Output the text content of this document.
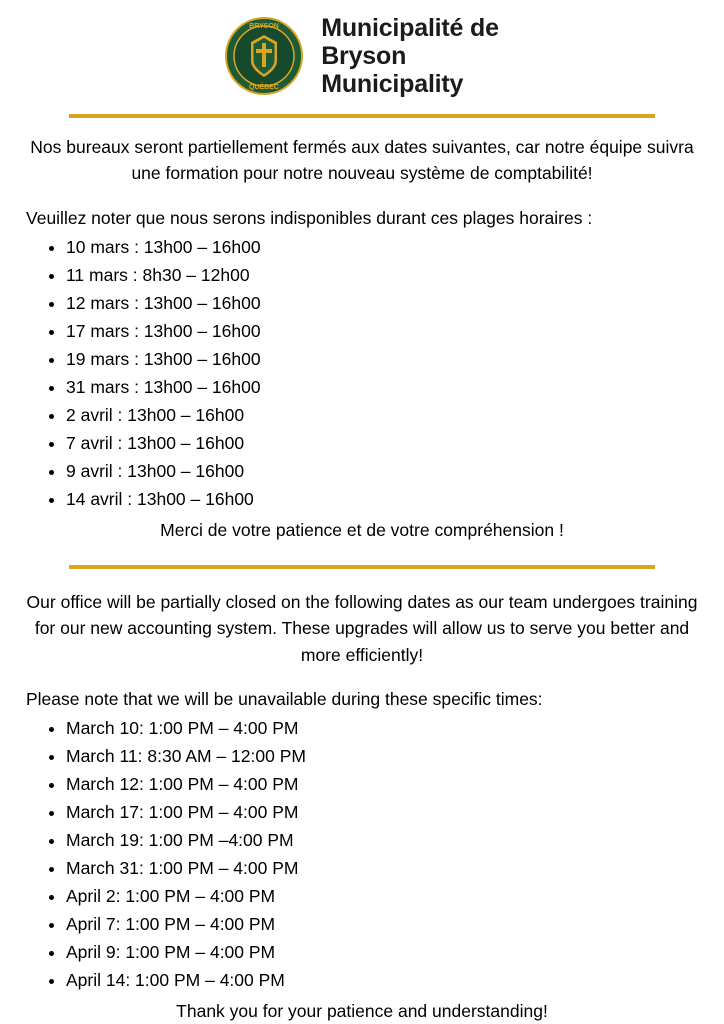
BRYSON
QUÉBEC
Municipalité de
Bryson
Municipality
Nos bureaux seront partiellement fermés aux dates suivantes, car notre équipe suivra une formation pour notre nouveau système de comptabilité!
Veuillez noter que nous serons indisponibles durant ces plages horaires :
• 10 mars : 13h00 – 16h00
• 11 mars : 8h30 – 12h00
• 12 mars : 13h00 – 16h00
• 17 mars : 13h00 – 16h00
• 19 mars : 13h00 – 16h00
• 31 mars : 13h00 – 16h00
• 2 avril : 13h00 – 16h00
• 7 avril : 13h00 – 16h00
• 9 avril : 13h00 – 16h00
• 14 avril : 13h00 – 16h00
Merci de votre patience et de votre compréhension !
Our office will be partially closed on the following dates as our team undergoes training for our new accounting system. These upgrades will allow us to serve you better and more efficiently!
Please note that we will be unavailable during these specific times:
• March 10: 1:00 PM – 4:00 PM
• March 11: 8:30 AM – 12:00 PM
• March 12: 1:00 PM – 4:00 PM
• March 17: 1:00 PM – 4:00 PM
• March 19: 1:00 PM –4:00 PM
• March 31: 1:00 PM – 4:00 PM
• April 2: 1:00 PM – 4:00 PM
• April 7: 1:00 PM – 4:00 PM
• April 9: 1:00 PM – 4:00 PM
• April 14: 1:00 PM – 4:00 PM
Thank you for your patience and understanding!
